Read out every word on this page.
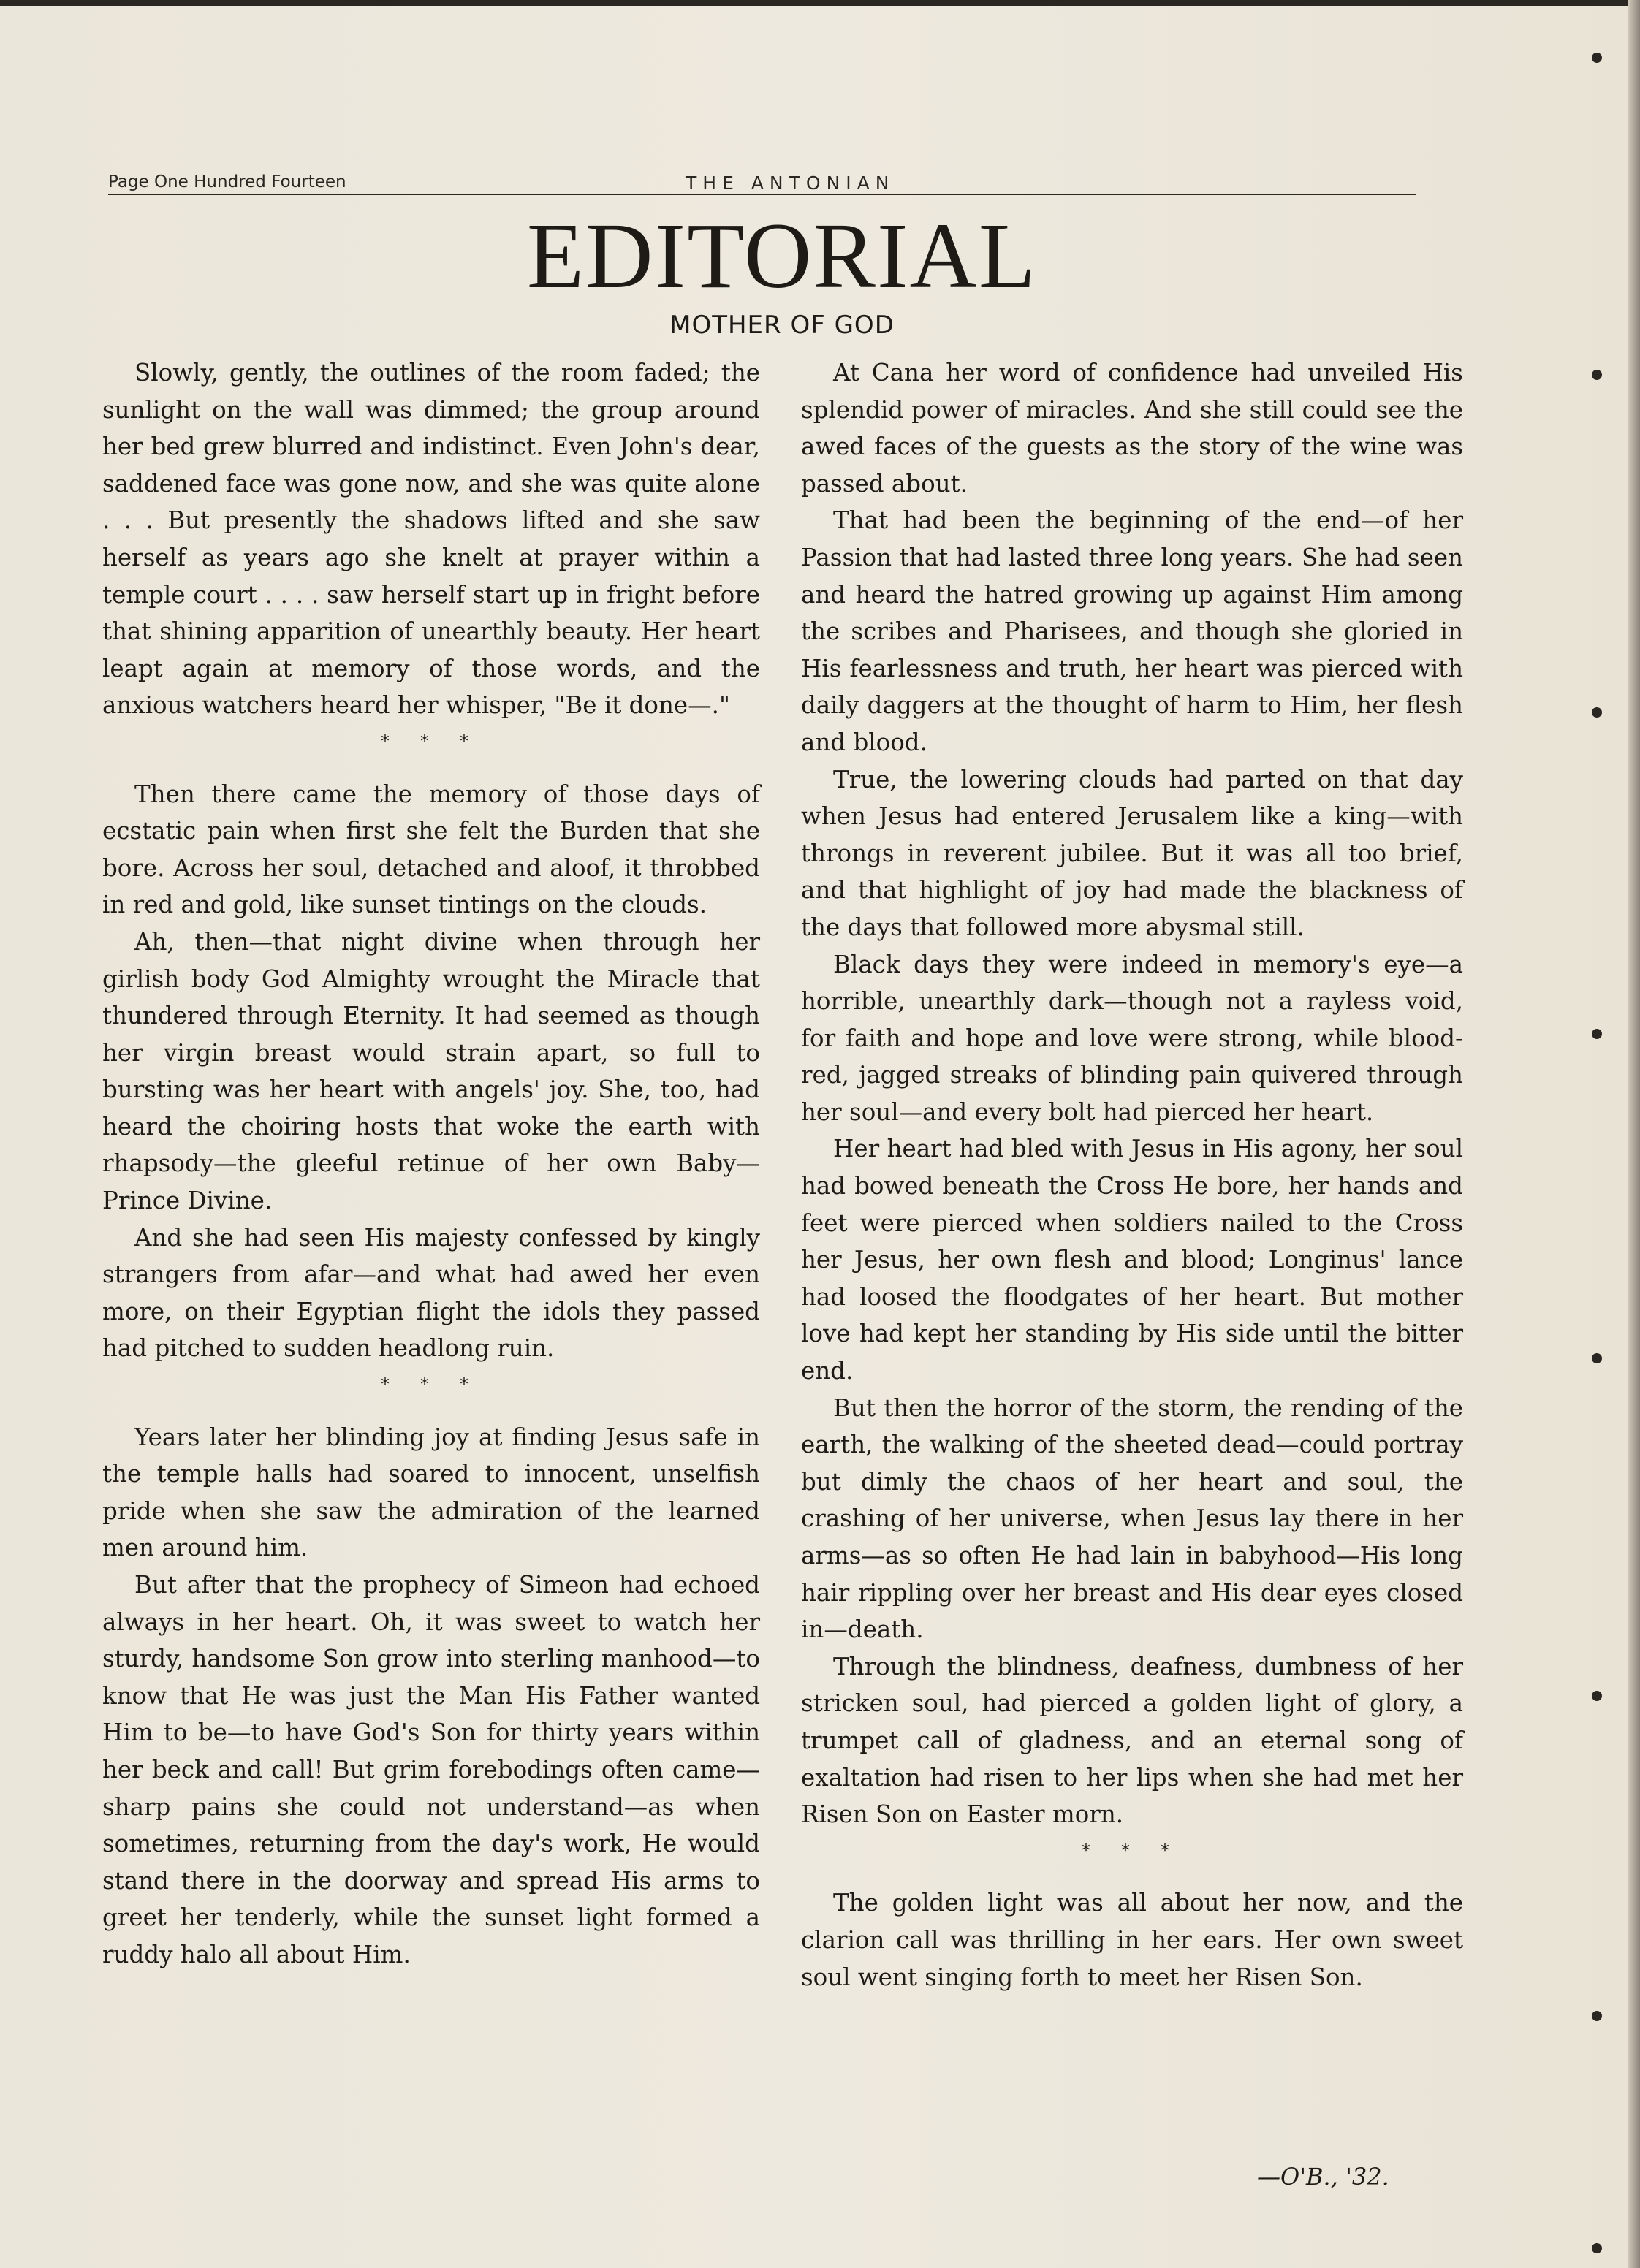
Page One Hundred Fourteen	THE ANTONIAN
EDITORIAL
MOTHER OF GOD

Slowly, gently, the outlines of the room faded; the sunlight on the wall was dimmed; the group around her bed grew blurred and indistinct. Even John's dear, saddened face was gone now, and she was quite alone . . . But presently the shadows lifted and she saw herself as years ago she knelt at prayer within a temple court . . . . saw herself start up in fright before that shining apparition of unearthly beauty. Her heart leapt again at memory of those words, and the anxious watchers heard her whisper, "Be it done—."

* * *

Then there came the memory of those days of ecstatic pain when first she felt the Burden that she bore. Across her soul, detached and aloof, it throbbed in red and gold, like sunset tintings on the clouds.

Ah, then—that night divine when through her girlish body God Almighty wrought the Miracle that thundered through Eternity. It had seemed as though her virgin breast would strain apart, so full to bursting was her heart with angels' joy. She, too, had heard the choiring hosts that woke the earth with rhapsody—the gleeful retinue of her own Baby—Prince Divine.

And she had seen His majesty confessed by kingly strangers from afar—and what had awed her even more, on their Egyptian flight the idols they passed had pitched to sudden headlong ruin.

* * *

Years later her blinding joy at finding Jesus safe in the temple halls had soared to innocent, unselfish pride when she saw the admiration of the learned men around him.

But after that the prophecy of Simeon had echoed always in her heart. Oh, it was sweet to watch her sturdy, handsome Son grow into sterling manhood—to know that He was just the Man His Father wanted Him to be—to have God's Son for thirty years within her beck and call! But grim forebodings often came—sharp pains she could not understand—as when sometimes, returning from the day's work, He would stand there in the doorway and spread His arms to greet her tenderly, while the sunset light formed a ruddy halo all about Him.

At Cana her word of confidence had unveiled His splendid power of miracles. And she still could see the awed faces of the guests as the story of the wine was passed about.

That had been the beginning of the end—of her Passion that had lasted three long years. She had seen and heard the hatred growing up against Him among the scribes and Pharisees, and though she gloried in His fearlessness and truth, her heart was pierced with daily daggers at the thought of harm to Him, her flesh and blood.

True, the lowering clouds had parted on that day when Jesus had entered Jerusalem like a king—with throngs in reverent jubilee. But it was all too brief, and that highlight of joy had made the blackness of the days that followed more abysmal still.

Black days they were indeed in memory's eye—a horrible, unearthly dark—though not a rayless void, for faith and hope and love were strong, while blood-red, jagged streaks of blinding pain quivered through her soul—and every bolt had pierced her heart.

Her heart had bled with Jesus in His agony, her soul had bowed beneath the Cross He bore, her hands and feet were pierced when soldiers nailed to the Cross her Jesus, her own flesh and blood; Longinus' lance had loosed the floodgates of her heart. But mother love had kept her standing by His side until the bitter end.

But then the horror of the storm, the rending of the earth, the walking of the sheeted dead—could portray but dimly the chaos of her heart and soul, the crashing of her universe, when Jesus lay there in her arms—as so often He had lain in babyhood—His long hair rippling over her breast and His dear eyes closed in—death.

Through the blindness, deafness, dumbness of her stricken soul, had pierced a golden light of glory, a trumpet call of gladness, and an eternal song of exaltation had risen to her lips when she had met her Risen Son on Easter morn.

* * *

The golden light was all about her now, and the clarion call was thrilling in her ears. Her own sweet soul went singing forth to meet her Risen Son.

—O'B., '32.
